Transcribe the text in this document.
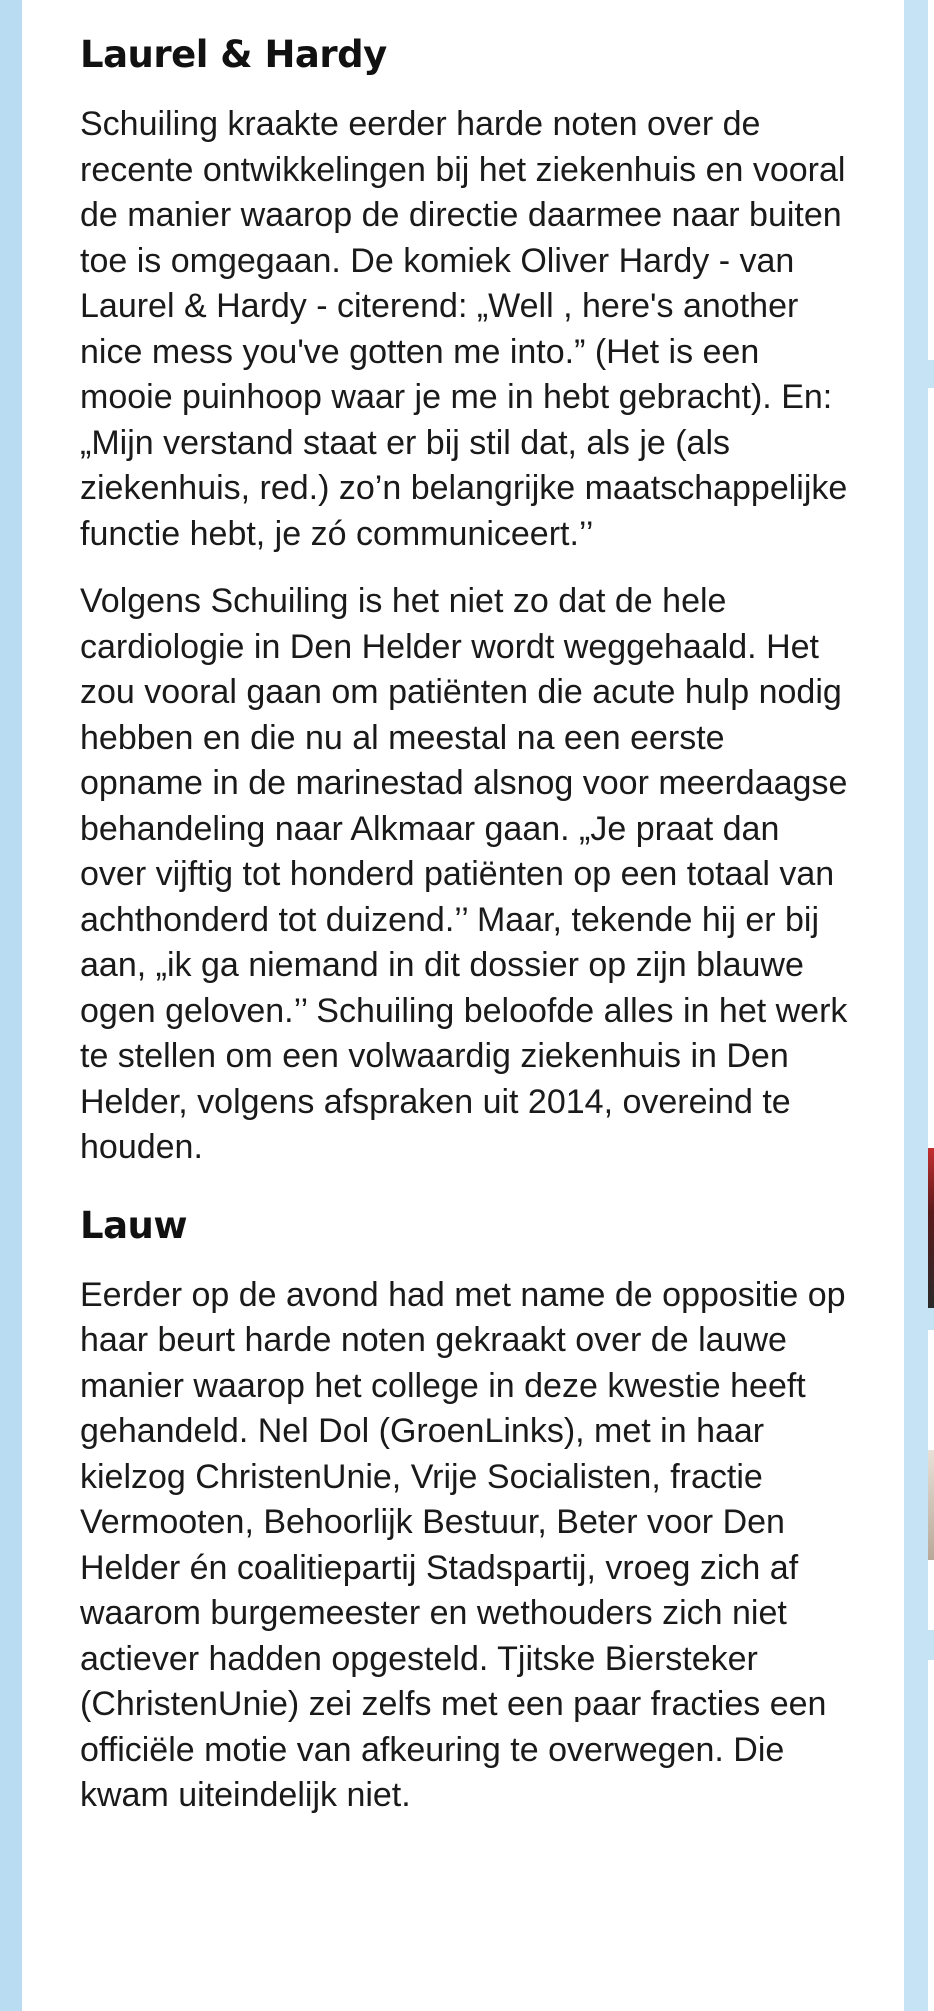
Laurel & Hardy

Schuiling kraakte eerder harde noten over de recente ontwikkelingen bij het ziekenhuis en vooral de manier waarop de directie daarmee naar buiten toe is omgegaan. De komiek Oliver Hardy - van Laurel & Hardy - citerend: „Well , here's another nice mess you've gotten me into.” (Het is een mooie puinhoop waar je me in hebt gebracht). En: „Mijn verstand staat er bij stil dat, als je (als ziekenhuis, red.) zo’n belangrijke maatschappelijke functie hebt, je zó communiceert.’’

Volgens Schuiling is het niet zo dat de hele cardiologie in Den Helder wordt weggehaald. Het zou vooral gaan om patiënten die acute hulp nodig hebben en die nu al meestal na een eerste opname in de marinestad alsnog voor meerdaagse behandeling naar Alkmaar gaan. „Je praat dan over vijftig tot honderd patiënten op een totaal van achthonderd tot duizend.’’ Maar, tekende hij er bij aan, „ik ga niemand in dit dossier op zijn blauwe ogen geloven.’’ Schuiling beloofde alles in het werk te stellen om een volwaardig ziekenhuis in Den Helder, volgens afspraken uit 2014, overeind te houden.

Lauw

Eerder op de avond had met name de oppositie op haar beurt harde noten gekraakt over de lauwe manier waarop het college in deze kwestie heeft gehandeld. Nel Dol (GroenLinks), met in haar kielzog ChristenUnie, Vrije Socialisten, fractie Vermooten, Behoorlijk Bestuur, Beter voor Den Helder én coalitiepartij Stadspartij, vroeg zich af waarom burgemeester en wethouders zich niet actiever hadden opgesteld. Tjitske Biersteker (ChristenUnie) zei zelfs met een paar fracties een officiële motie van afkeuring te overwegen. Die kwam uiteindelijk niet.
